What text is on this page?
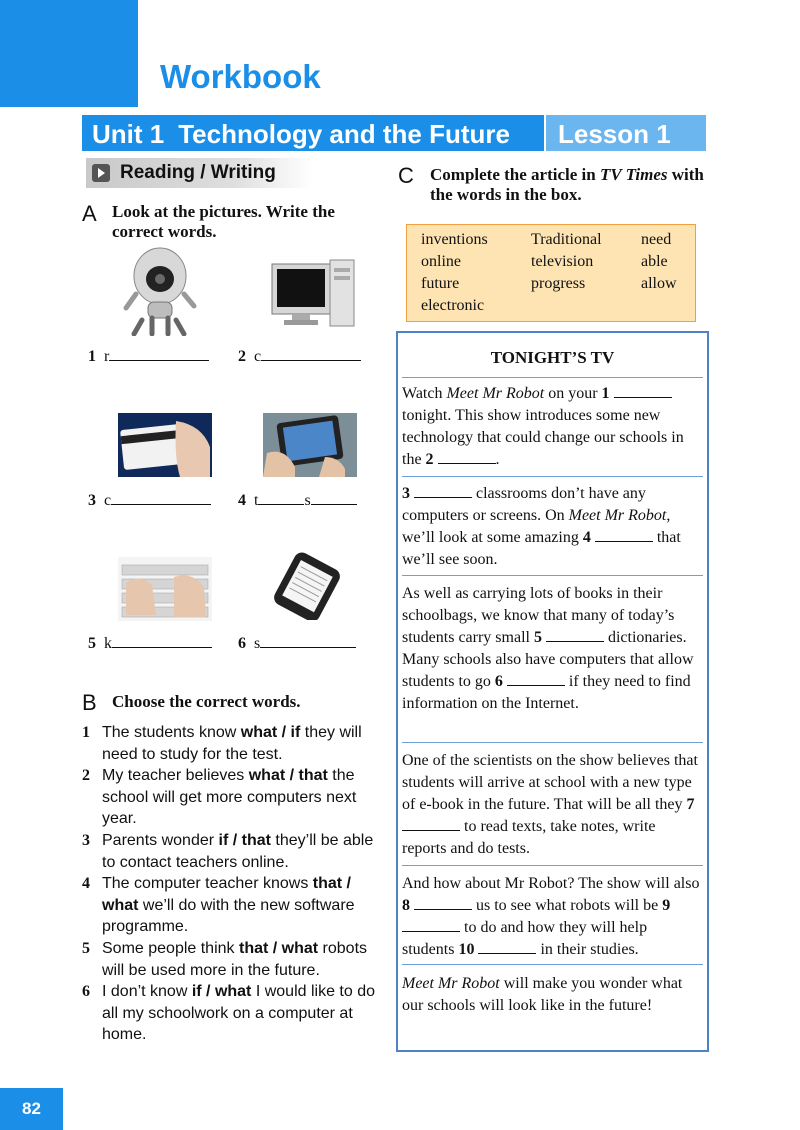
Workbook
Unit 1 Technology and the Future	Lesson 1
Reading / Writing
A Look at the pictures. Write the correct words.
1 r	2 c
3 c	4 t	s
5 k	6 s
B Choose the correct words.
1 The students know what / if they will need to study for the test.
2 My teacher believes what / that the school will get more computers next year.
3 Parents wonder if / that they’ll be able to contact teachers online.
4 The computer teacher knows that / what we’ll do with the new software programme.
5 Some people think that / what robots will be used more in the future.
6 I don’t know if / what I would like to do all my schoolwork on a computer at home.
C Complete the article in TV Times with the words in the box.
inventions	Traditional need
online	television	able
future	progress	allow
electronic
TONIGHT’S TV
Watch Meet Mr Robot on your 1  tonight. This show introduces some new technology that could change our schools in the 2	.
3	classrooms don’t have any computers or screens. On Meet Mr Robot, we’ll look at some amazing 4	that we’ll see soon.
As well as carrying lots of books in their schoolbags, we know that many of today’s students carry small 5	dictionaries. Many schools also have computers that allow students to go 6	if they need to find information on the Internet.
One of the scientists on the show believes that students will arrive at school with a new type of e-book in the future. That will be all they 7  to read texts, take notes, write reports and do tests.
And how about Mr Robot? The show will also 8	us to see what robots will be 9  to do and how they will help students 10	in their studies.
Meet Mr Robot will make you wonder what our schools will look like in the future!
82
